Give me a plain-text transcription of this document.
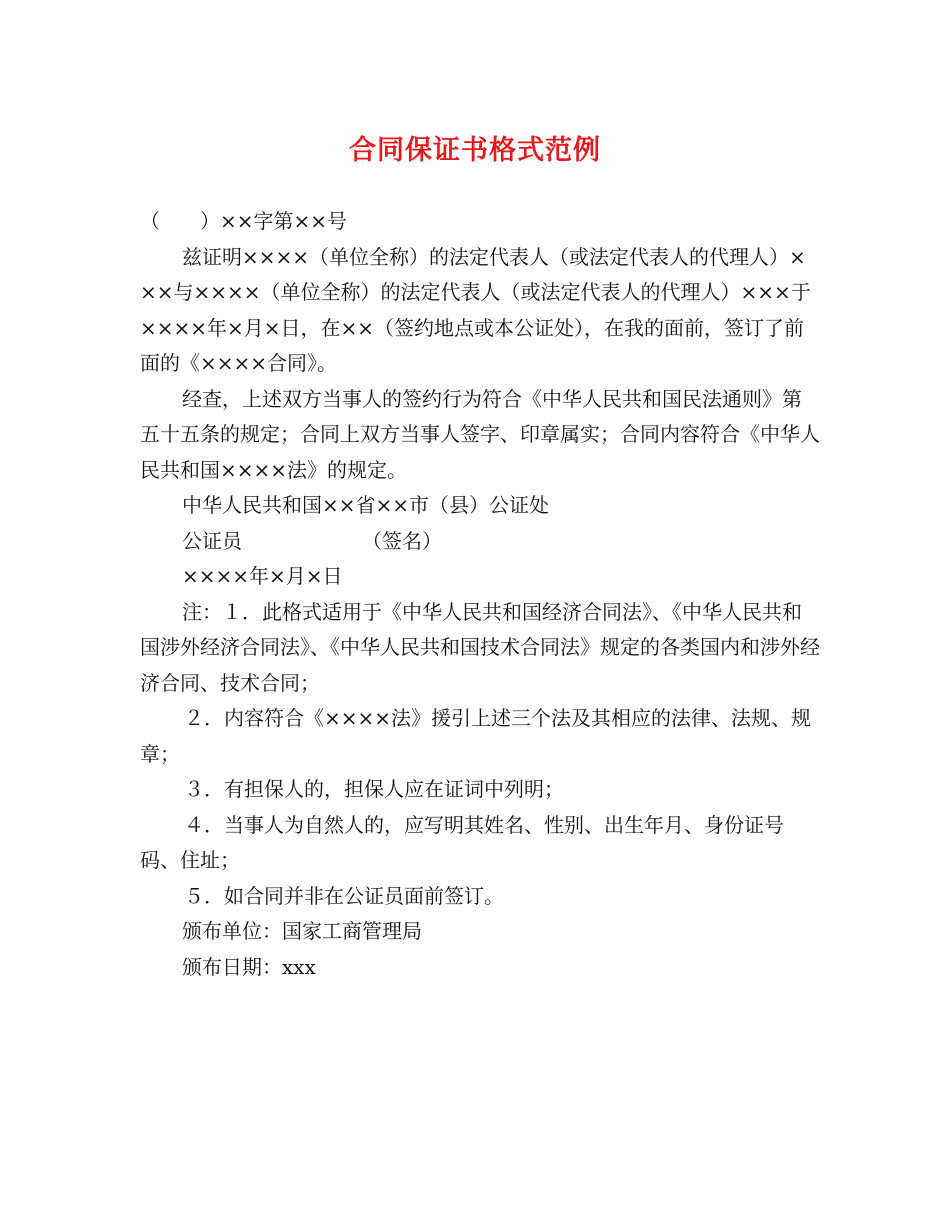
合同保证书格式范例

（　　）××字第××号

兹证明××××（单位全称）的法定代表人（或法定代表人的代理人）×××与××××（单位全称）的法定代表人（或法定代表人的代理人）×××于××××年×月×日，在××（签约地点或本公证处），在我的面前，签订了前面的《××××合同》。

经查，上述双方当事人的签约行为符合《中华人民共和国民法通则》第五十五条的规定；合同上双方当事人签字、印章属实；合同内容符合《中华人民共和国××××法》的规定。

中华人民共和国××省××市（县）公证处

公证员	（签名）

××××年×月×日

注：１．此格式适用于《中华人民共和国经济合同法》、《中华人民共和国涉外经济合同法》、《中华人民共和国技术合同法》规定的各类国内和涉外经济合同、技术合同；

２．内容符合《××××法》援引上述三个法及其相应的法律、法规、规章；

３．有担保人的，担保人应在证词中列明；

４．当事人为自然人的，应写明其姓名、性别、出生年月、身份证号码、住址；

５．如合同并非在公证员面前签订。

颁布单位：国家工商管理局

颁布日期：xxx
